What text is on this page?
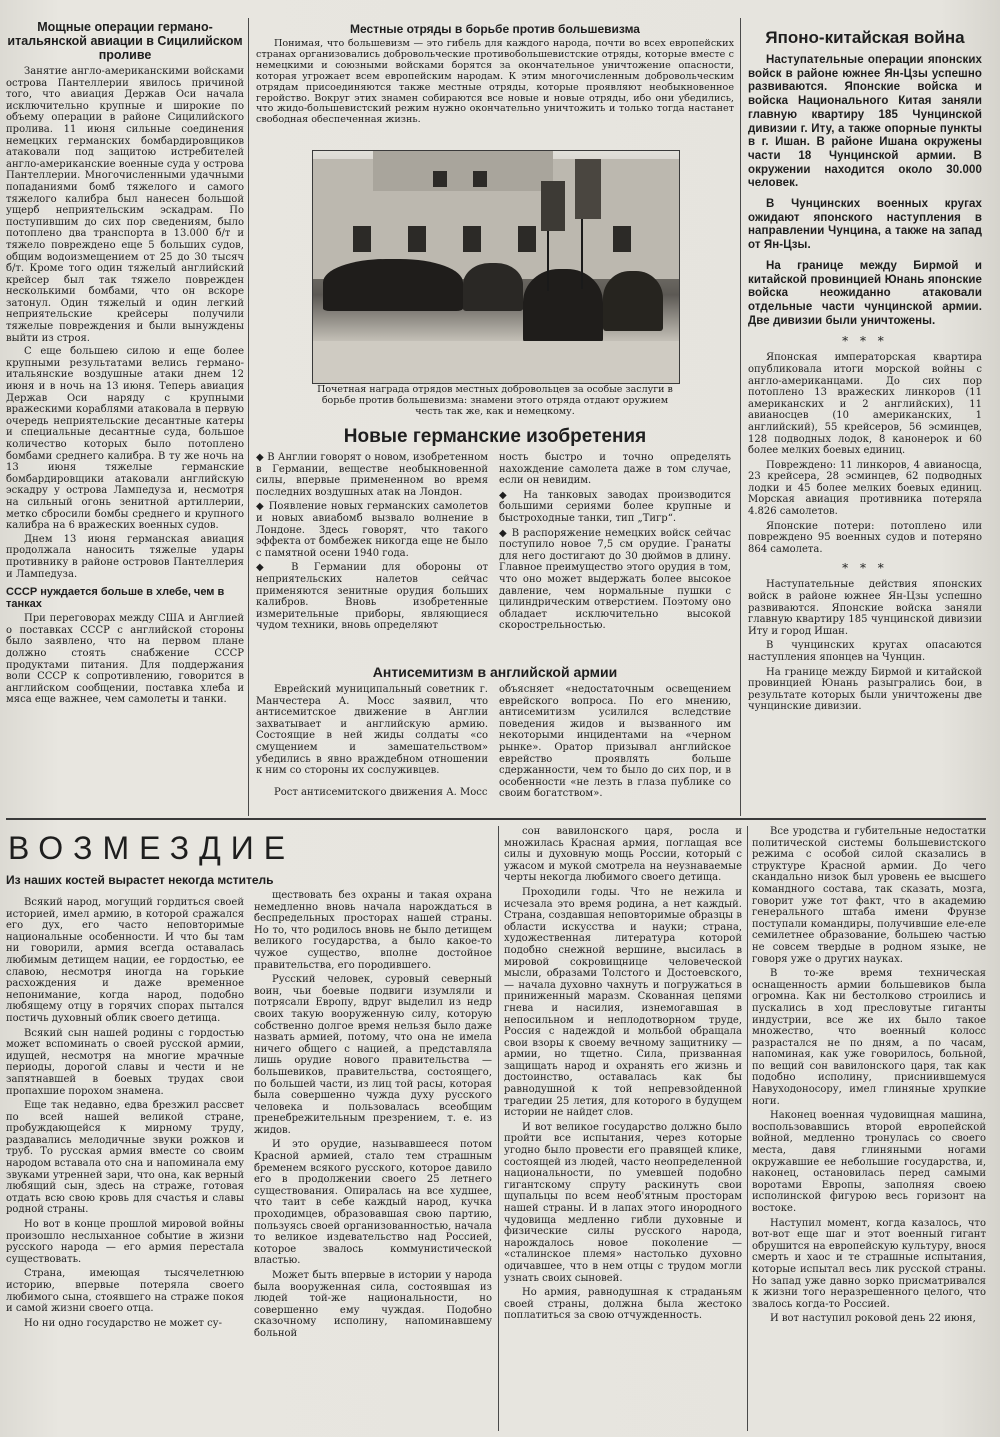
Мощные операции германо-итальянской авиации в Сицилийском проливе

Занятие англо-американскими войсками острова Пантеллерии явилось причиной того, что авиация Держав Оси начала исключительно крупные и широкие по объему операции в районе Сицилийского пролива. 11 июня сильные соединения немецких германских бомбардировщиков атаковали под защитою истребителей англо-американские военные суда у острова Пантеллерии. Многочисленными удачными попаданиями бомб тяжелого и самого тяжелого калибра был нанесен большой ущерб неприятельским эскадрам. По поступившим до сих пор сведениям, было потоплено два транспорта в 13.000 б/т и тяжело повреждено еще 5 больших судов, общим водоизмещением от 25 до 30 тысяч б/т. Кроме того один тяжелый английский крейсер был так тяжело поврежден несколькими бомбами, что он вскоре затонул. Один тяжелый и один легкий неприятельские крейсеры получили тяжелые повреждения и были вынуждены выйти из строя.

С еще большею силою и еще более крупными результатами велись германо-итальянские воздушные атаки днем 12 июня и в ночь на 13 июня. Теперь авиация Держав Оси наряду с крупными вражескими кораблями атаковала в первую очередь неприятельские десантные катеры и специальные десантные суда, большое количество которых было потоплено бомбами среднего калибра. В ту же ночь на 13 июня тяжелые германские бомбардировщики атаковали английскую эскадру у острова Лампедуза и, несмотря на сильный огонь зенитной артиллерии, метко сбросили бомбы среднего и крупного калибра на 6 вражеских военных судов.

Днем 13 июня германская авиация продолжала наносить тяжелые удары противнику в районе островов Пантеллерия и Лампедуза.

СССР нуждается больше в хлебе, чем в танках

При переговорах между США и Англией о поставках СССР с английской стороны было заявлено, что на первом плане должно стоять снабжение СССР продуктами питания. Для поддержания воли СССР к сопротивлению, говорится в английском сообщении, поставка хлеба и мяса еще важнее, чем самолеты и танки.

Местные отряды в борьбе против большевизма

Понимая, что большевизм — это гибель для каждого народа, почти во всех европейских странах организовались добровольческие противобольшевистские отряды, которые вместе с немецкими и союзными войсками борятся за окончательное уничтожение опасности, которая угрожает всем европейским народам. К этим многочисленным добровольческим отрядам присоединяются также местные отряды, которые проявляют необыкновенное геройство. Вокруг этих знамен собираются все новые и новые отряды, ибо они убедились, что жидо-большевистский режим нужно окончательно уничтожить и только тогда настанет свободная обеспеченная жизнь.

Почетная награда отрядов местных добровольцев за особые заслуги в борьбе против большевизма: знамени этого отряда отдают оружием честь так же, как и немецкому.
Новые германские изобретения

◆ В Англии говорят о новом, изобретенном в Германии, веществе необыкновенной силы, впервые примененном во время последних воздушных атак на Лондон.

◆ Появление новых германских самолетов и новых авиабомб вызвало волнение в Лондоне. Здесь говорят, что такого эффекта от бомбежек никогда еще не было с памятной осени 1940 года.

◆ В Германии для обороны от неприятельских налетов сейчас применяются зенитные орудия больших калибров. Вновь изобретенные измерительные приборы, являющиеся чудом техники, вновь определяют

ность быстро и точно определять нахождение самолета даже в том случае, если он невидим.

◆ На танковых заводах производится большими сериями более крупные и быстроходные танки, тип „Тигр“.

◆ В распоряжение немецких войск сейчас поступило новое 7,5 см орудие. Гранаты для него достигают до 30 дюймов в длину. Главное преимущество этого орудия в том, что оно может выдержать более высокое давление, чем нормальные пушки с цилиндрическим отверстием. Поэтому оно обладает исключительно высокой скорострельностью.

Антисемитизм в английской армии

Еврейский муниципальный советник г. Манчестера А. Мосс заявил, что антисемитское движение в Англии захватывает и английскую армию. Состоящие в ней жиды солдаты «со смущением и замешательством» убедились в явно враждебном отношении к ним со стороны их сослуживцев.

Рост антисемитского движения А. Мосс

объясняет «недостаточным освещением еврейского вопроса. По его мнению, антисемитизм усилился вследствие поведения жидов и вызванного им некоторыми инцидентами на «черном рынке». Оратор призывал английское еврейство проявлять больше сдержанности, чем то было до сих пор, и в особенности «не лезть в глаза публике со своим богатством».

Японо-китайская война

Наступательные операции японских войск в районе южнее Ян-Цзы успешно развиваются. Японские войска и войска Национального Китая заняли главную квартиру 185 Чунцинской дивизии г. Иту, а также опорные пункты в г. Ишан. В районе Ишана окружены части 18 Чунцинской армии. В окружении находится около 30.000 человек.

В Чунцинских военных кругах ожидают японского наступления в направлении Чунцина, а также на запад от Ян-Цзы.

На границе между Бирмой и китайской провинцией Юнань японские войска неожиданно атаковали отдельные части чунцинской армии. Две дивизии были уничтожены.

* * *

Японская императорская квартира опубликовала итоги морской войны с англо-американцами. До сих пор потоплено 13 вражеских линкоров (11 американских и 2 английских), 11 авианосцев (10 американских, 1 английский), 55 крейсеров, 56 эсминцев, 128 подводных лодок, 8 канонерок и 60 более мелких боевых единиц.

Повреждено: 11 линкоров, 4 авианосца, 23 крейсера, 28 эсминцев, 62 подводных лодки и 45 более мелких боевых единиц. Морская авиация противника потеряла 4.826 самолетов.

Японские потери: потоплено или повреждено 95 военных судов и потеряно 864 самолета.

* * *

Наступательные действия японских войск в районе южнее Ян-Цзы успешно развиваются. Японские войска заняли главную квартиру 185 чунцинской дивизии Иту и город Ишан.

В чунцинских кругах опасаются наступления японцев на Чунцин.

На границе между Бирмой и китайской провинцией Юнань разыгрались бои, в результате которых были уничтожены две чунцинские дивизии.

ВОЗМЕЗДИЕ
Из наших костей вырастет некогда мститель

Всякий народ, могущий гордиться своей историей, имел армию, в которой сражался его дух, его часто неповторимые национальные особенности. И что бы там ни говорили, армия всегда оставалась любимым детищем нации, ее гордостью, ее славою, несмотря иногда на горькие расхождения и даже временное непонимание, когда народ, подобно любящему отцу в горячих спорах пытался постичь духовный облик своего детища.

Всякий сын нашей родины с гордостью может вспоминать о своей русской армии, идущей, несмотря на многие мрачные периоды, дорогой славы и чести и не запятнавшей в боевых трудах свои пропахшие порохом знамена.

Еще так недавно, едва брезжил рассвет по всей нашей великой стране, пробуждающейся к мирному труду, раздавались мелодичные звуки рожков и труб. То русская армия вместе со своим народом вставала ото сна и напоминала ему звуками утренней зари, что она, как верный любящий сын, здесь на страже, готовая отдать всю свою кровь для счастья и славы родной страны.

Но вот в конце прошлой мировой войны произошло неслыханное событие в жизни русского народа — его армия перестала существовать.

Страна, имеющая тысячелетнюю историю, впервые потеряла своего любимого сына, стоявшего на страже покоя и самой жизни своего отца.

Но ни одно государство не может су-

ществовать без охраны и такая охрана немедленно вновь начала нарождаться в беспредельных просторах нашей страны. Но то, что родилось вновь не было детищем великого государства, а было какое-то чужое существо, вполне достойное правительства, его породившего.

Русский человек, суровый северный воин, чьи боевые подвиги изумляли и потрясали Европу, вдруг выделил из недр своих такую вооруженную силу, которую собственно долгое время нельзя было даже назвать армией, потому, что она не имела ничего общего с нацией, а представляла лишь орудие нового правительства — большевиков, правительства, состоящего, по большей части, из лиц той расы, которая была совершенно чужда духу русского человека и пользовалась всеобщим пренебрежительным презрением, т. е. из жидов.

И это орудие, называвшееся потом Красной армией, стало тем страшным бременем всякого русского, которое давило его в продолжении своего 25 летнего существования. Опиралась на все худшее, что таит в себе каждый народ, кучка проходимцев, образовавшая свою партию, пользуясь своей организованностью, начала то великое издевательство над Россией, которое звалось коммунистической властью.

Может быть впервые в истории у народа была вооруженная сила, состоявшая из людей той-же национальности, но совершенно ему чуждая. Подобно сказочному исполину, напоминавшему больной

сон вавилонского царя, росла и множилась Красная армия, поглащая все силы и духовную мощь России, который с ужасом и мукой смотрела на неузнаваемые черты некогда любимого своего детища.

Проходили годы. Что не нежила и исчезала это время родина, а нет каждый. Страна, создавшая неповторимые образцы в области искусства и науки; страна, художественная литература которой подобно снежной вершине, высилась в мировой сокровищнице человеческой мысли, образами Толстого и Достоевского, — начала духовно чахнуть и погружаться в приниженный маразм. Скованная цепями гнева и насилия, изнемогавшая в непосильном и неплодотворном труде, Россия с надеждой и мольбой обращала свои взоры к своему вечному защитнику — армии, но тщетно. Сила, призванная защищать народ и охранять его жизнь и достоинство, оставалась как бы равнодушной к той непревзойденной трагедии 25 летия, для которого в будущем истории не найдет слов.

И вот великое государство должно было пройти все испытания, через которые угодно было провести его правящей клике, состоящей из людей, часто неопределенной национальности, по умевшей подобно гигантскому спруту раскинуть свои щупальцы по всем необ'ятным просторам нашей страны. И в лапах этого инородного чудовища медленно гибли духовные и физические силы русского народа, нарождалось новое поколение — «сталинское племя» настолько духовно одичавшее, что в нем отцы с трудом могли узнать своих сыновей.

Но армия, равнодушная к страданьям своей страны, должна была жестоко поплатиться за свою отчужденность.

Все уродства и губительные недостатки политической системы большевистского режима с особой силой сказались в структуре Красной армии. До чего скандально низок был уровень ее высшего командного состава, так сказать, мозга, говорит уже тот факт, что в академию генерального штаба имени Фрунзе поступали командиры, получившие еле-еле семилетнее образование, большею частью не совсем твердые в родном языке, не говоря уже о других науках.

В то-же время техническая оснащенность армии большевиков была огромна. Как ни бестолково строились и пускались в ход пресловутые гиганты индустрии, все же их было такое множество, что военный колосс разрастался не по дням, а по часам, напоминая, как уже говорилось, больной, по вещий сон вавилонского царя, так как подобно исполину, присниившемуся Навуходоносору, имел глиняные хрупкие ноги.

Наконец военная чудовищная машина, воспользовавшись второй европейской войной, медленно тронулась со своего места, давя глиняными ногами окружавшие ее небольшие государства, и, наконец, остановилась перед самыми воротами Европы, заполняя своею исполинской фигурою весь горизонт на востоке.

Наступил момент, когда казалось, что вот-вот еще шаг и этот военный гигант обрушится на европейскую культуру, внося смерть и хаос и те страшные испытания, которые испытал весь лик русской страны. Но запад уже давно зорко присматривался к жизни того неразрешенного целого, что звалось когда-то Россией.

И вот наступил роковой день 22 июня,
